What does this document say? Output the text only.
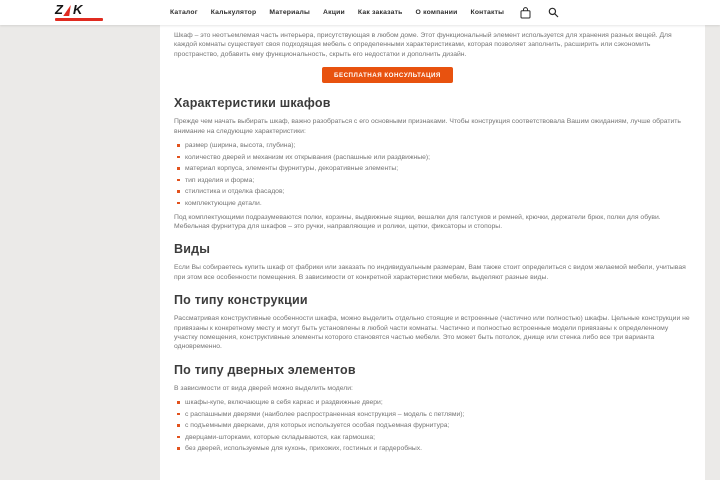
Z K	Каталог Калькулятор Материалы Акции Как заказать О компании Контакты

Шкаф – это неотъемлемая часть интерьера, присутствующая в любом доме. Этот функциональный элемент используется для хранения разных вещей. Для каждой комнаты существует своя подходящая мебель с определенными характеристиками, которая позволяет заполнить, расширить или сэкономить пространство, добавить ему функциональность, скрыть его недостатки и дополнить дизайн.

БЕСПЛАТНАЯ КОНСУЛЬТАЦИЯ
Характеристики шкафов

Прежде чем начать выбирать шкаф, важно разобраться с его основными признаками. Чтобы конструкция соответствовала Вашим ожиданиям, лучше обратить внимание на следующие характеристики:

размер (ширина, высота, глубина);
количество дверей и механизм их открывания (распашные или раздвижные);
материал корпуса, элементы фурнитуры, декоративные элементы;
тип изделия и форма;
стилистика и отделка фасадов;
комплектующие детали.

Под комплектующими подразумеваются полки, корзины, выдвижные ящики, вешалки для галстуков и ремней, крючки, держатели брюк, полки для обуви. Мебельная фурнитура для шкафов – это ручки, направляющие и ролики, щетки, фиксаторы и стопоры.

Виды

Если Вы собираетесь купить шкаф от фабрики или заказать по индивидуальным размерам, Вам также стоит определиться с видом желаемой мебели, учитывая при этом все особенности помещения. В зависимости от конкретной характеристики мебели, выделяют разные виды.

По типу конструкции

Рассматривая конструктивные особенности шкафа, можно выделить отдельно стоящие и встроенные (частично или полностью) шкафы. Цельные конструкции не привязаны к конкретному месту и могут быть установлены в любой части комнаты. Частично и полностью встроенные модели привязаны к определенному участку помещения, конструктивные элементы которого становятся частью мебели. Это может быть потолок, днище или стенка либо все три варианта одновременно.

По типу дверных элементов

В зависимости от вида дверей можно выделить модели:

шкафы-купе, включающие в себя каркас и раздвижные двери;
с распашными дверями (наиболее распространенная конструкция – модель с петлями);
с подъемными дверками, для которых используется особая подъемная фурнитура;
дверцами-шторками, которые складываются, как гармошка;
без дверей, используемые для кухонь, прихожих, гостиных и гардеробных.
